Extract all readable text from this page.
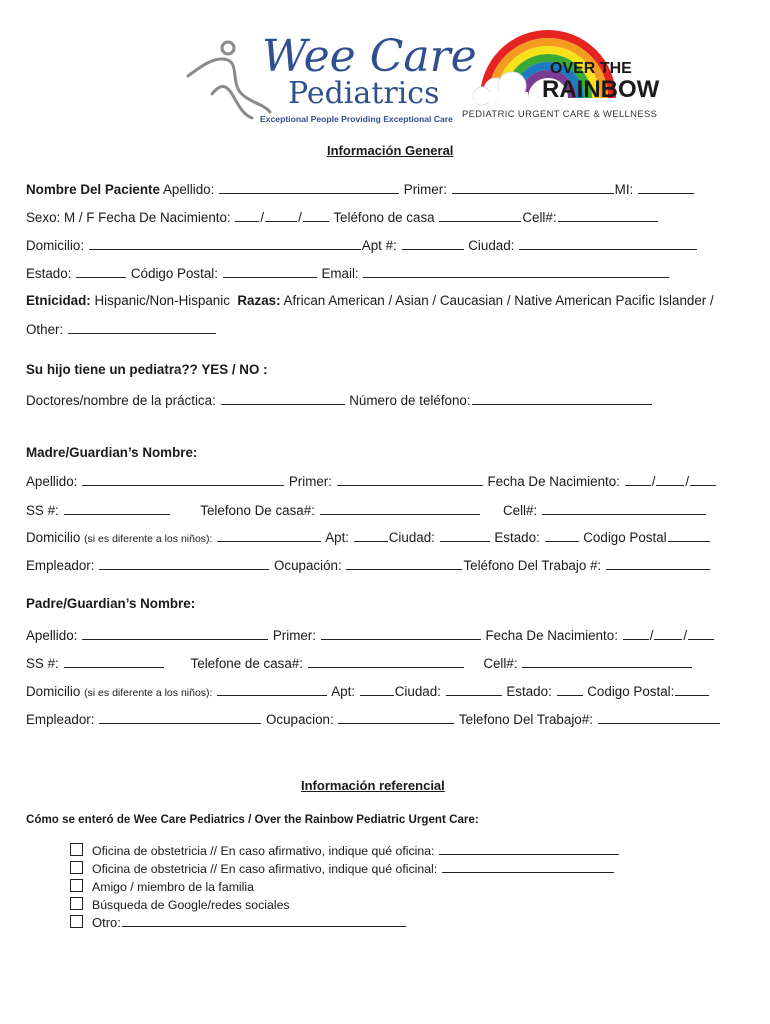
Wee Care
Pediatrics
Exceptional People Providing Exceptional Care
OVER THE
RAINBOW
PEDIATRIC URGENT CARE & WELLNESS
Información General
Nombre Del Paciente Apellido:	Primer:	MI:
Sexo: M / F Fecha De Nacimiento: /	/ Teléfono de casa	Cell#:
Domicilio:	Apt #:	Ciudad:
Estado:	Código Postal:	Email:
Etnicidad: Hispanic/Non-Hispanic Razas: African American / Asian / Caucasian / Native American Pacific Islander /
Other:
Su hijo tiene un pediatra?? YES / NO :
Doctores/nombre de la práctica:	Número de teléfono:
Madre/Guardian’s Nombre:
Apellido:	Primer:	Fecha De Nacimiento: / /
SS #:	Telefono De casa#:	Cell#:
Domicilio (si es diferente a los niños):	Apt:	Ciudad:	Estado:	Codigo Postal
Empleador:	Ocupación:	Teléfono Del Trabajo #:
Padre/Guardian’s Nombre:
Apellido:	Primer:	Fecha De Nacimiento: / /
SS #:	Telefone de casa#:	Cell#:
Domicilio (si es diferente a los niños):	Apt:	Ciudad:	Estado:	Codigo Postal:
Empleador:	Ocupacion:	Telefono Del Trabajo#:
Información referencial
Cómo se enteró de Wee Care Pediatrics / Over the Rainbow Pediatric Urgent Care:
Oficina de obstetricia // En caso afirmativo, indique qué oficina:
Oficina de obstetricia // En caso afirmativo, indique qué oficinal:
Amigo / miembro de la familia
Búsqueda de Google/redes sociales
Otro:
